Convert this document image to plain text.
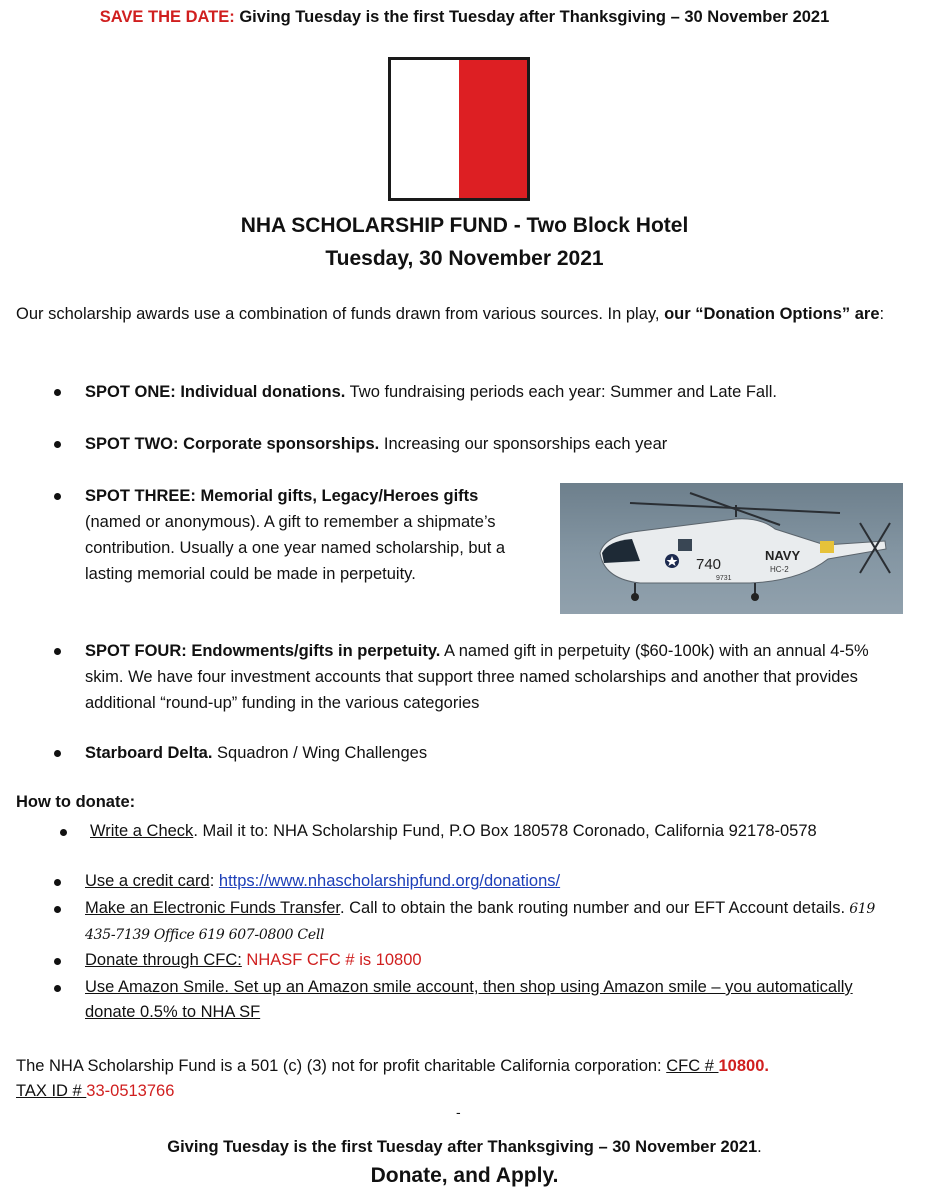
SAVE THE DATE: Giving Tuesday is the first Tuesday after Thanksgiving – 30 November 2021
NHA SCHOLARSHIP FUND - Two Block Hotel
Tuesday, 30 November 2021
Our scholarship awards use a combination of funds drawn from various sources. In play, our “Donation Options” are:
SPOT ONE: Individual donations. Two fundraising periods each year: Summer and Late Fall.
SPOT TWO: Corporate sponsorships. Increasing our sponsorships each year
SPOT THREE: Memorial gifts, Legacy/Heroes gifts
(named or anonymous). A gift to remember a shipmate’s contribution. Usually a one year named scholarship, but a lasting memorial could be made in perpetuity.
SPOT FOUR: Endowments/gifts in perpetuity. A named gift in perpetuity ($60-100k) with an annual 4-5% skim. We have four investment accounts that support three named scholarships and another that provides additional “round-up” funding in the various categories
Starboard Delta. Squadron / Wing Challenges
740
NAVY
HC-2
9731
How to donate:
Write a Check. Mail it to: NHA Scholarship Fund, P.O Box 180578 Coronado, California 92178-0578
Use a credit card: https://www.nhascholarshipfund.org/donations/
Make an Electronic Funds Transfer. Call to obtain the bank routing number and our EFT Account details. 619 435-7139 Office 619 607-0800 Cell
Donate through CFC: NHASF CFC # is 10800
Use Amazon Smile. Set up an Amazon smile account, then shop using Amazon smile – you automatically donate 0.5% to NHA SF
The NHA Scholarship Fund is a 501 (c) (3) not for profit charitable California corporation: CFC # 10800.
TAX ID # 33-0513766
-
Giving Tuesday is the first Tuesday after Thanksgiving – 30 November 2021.
Donate, and Apply.
